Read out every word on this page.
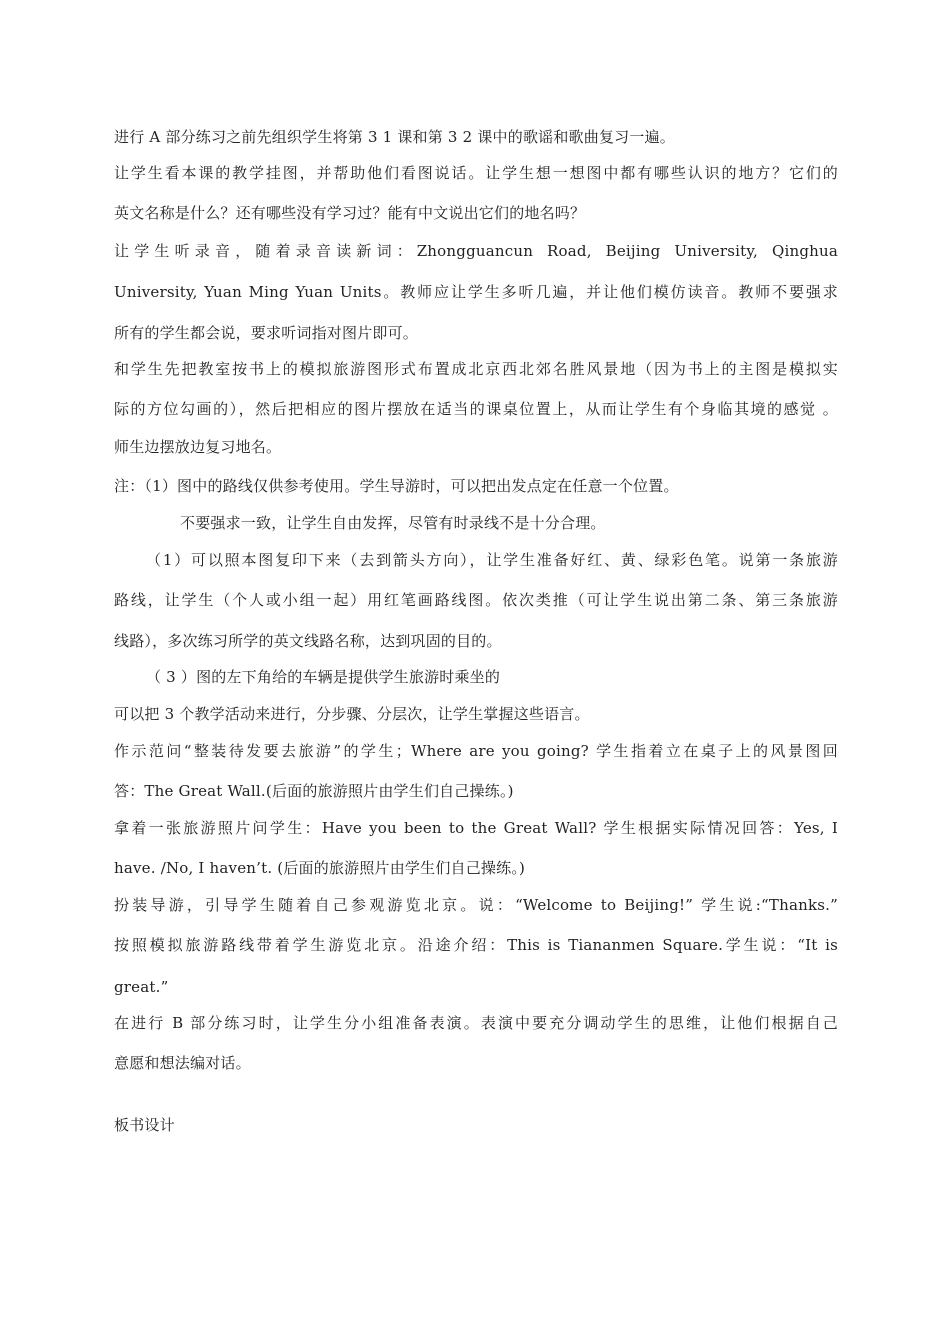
进行 A 部分练习之前先组织学生将第 3 1 课和第 3 2 课中的歌谣和歌曲复习一遍。
让学生看本课的教学挂图，并帮助他们看图说话。让学生想一想图中都有哪些认识的地方？它们的
英文名称是什么？还有哪些没有学习过？能有中文说出它们的地名吗？
让学生听录音，随着录音读新词： Zhongguancun Road, Beijing University, Qinghua
University, Yuan Ming Yuan Units。教师应让学生多听几遍，并让他们模仿读音。教师不要强求
所有的学生都会说，要求听词指对图片即可。
和学生先把教室按书上的模拟旅游图形式布置成北京西北郊名胜风景地（因为书上的主图是模拟实
际的方位勾画的），然后把相应的图片摆放在适当的课桌位置上，从而让学生有个身临其境的感觉 。
师生边摆放边复习地名。
注：（1）图中的路线仅供参考使用。学生导游时，可以把出发点定在任意一个位置。
不要强求一致，让学生自由发挥，尽管有时录线不是十分合理。
（1）可以照本图复印下来（去到箭头方向），让学生准备好红、黄、绿彩色笔。说第一条旅游
路线，让学生（个人或小组一起）用红笔画路线图。依次类推（可让学生说出第二条、第三条旅游
线路），多次练习所学的英文线路名称，达到巩固的目的。
（ 3 ）图的左下角给的车辆是提供学生旅游时乘坐的
可以把 3 个教学活动来进行，分步骤、分层次，让学生掌握这些语言。
作示范问“整装待发要去旅游”的学生；Where are you going? 学生指着立在桌子上的风景图回
答：The Great Wall.(后面的旅游照片由学生们自己操练。)
拿着一张旅游照片问学生：Have you been to the Great Wall? 学生根据实际情况回答：Yes, I
have. /No, I haven’t. (后面的旅游照片由学生们自己操练。)
扮装导游，引导学生随着自己参观游览北京。说：“Welcome to Beijing!” 学生说:“Thanks.”
按照模拟旅游路线带着学生游览北京。沿途介绍：This is Tiananmen Square.学生说：“It is
great.”
在进行 B 部分练习时，让学生分小组准备表演。表演中要充分调动学生的思维，让他们根据自己
意愿和想法编对话。
板书设计
